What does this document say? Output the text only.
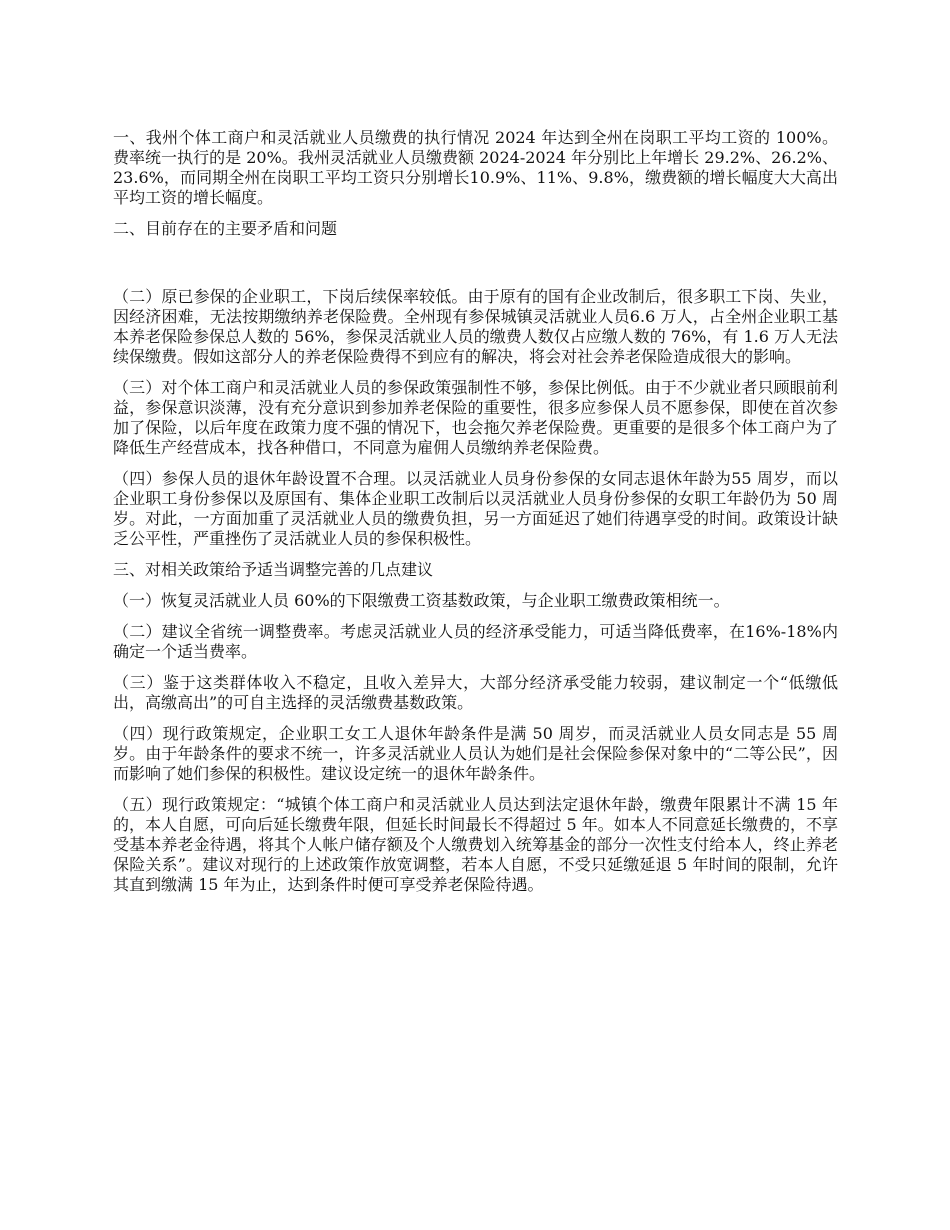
一、我州个体工商户和灵活就业人员缴费的执行情况 2024 年达到全州在岗职工平均工资的 100%。费率统一执行的是 20%。我州灵活就业人员缴费额 2024-2024 年分别比上年增长 29.2%、26.2%、23.6%，而同期全州在岗职工平均工资只分别增长10.9%、11%、9.8%，缴费额的增长幅度大大高出平均工资的增长幅度。

二、目前存在的主要矛盾和问题

（二）原已参保的企业职工，下岗后续保率较低。由于原有的国有企业改制后，很多职工下岗、失业，因经济困难，无法按期缴纳养老保险费。全州现有参保城镇灵活就业人员6.6 万人，占全州企业职工基本养老保险参保总人数的 56%，参保灵活就业人员的缴费人数仅占应缴人数的 76%，有 1.6 万人无法续保缴费。假如这部分人的养老保险费得不到应有的解决，将会对社会养老保险造成很大的影响。

（三）对个体工商户和灵活就业人员的参保政策强制性不够，参保比例低。由于不少就业者只顾眼前利益，参保意识淡薄，没有充分意识到参加养老保险的重要性，很多应参保人员不愿参保，即使在首次参加了保险，以后年度在政策力度不强的情况下，也会拖欠养老保险费。更重要的是很多个体工商户为了降低生产经营成本，找各种借口，不同意为雇佣人员缴纳养老保险费。

（四）参保人员的退休年龄设置不合理。以灵活就业人员身份参保的女同志退休年龄为55 周岁，而以企业职工身份参保以及原国有、集体企业职工改制后以灵活就业人员身份参保的女职工年龄仍为 50 周岁。对此，一方面加重了灵活就业人员的缴费负担，另一方面延迟了她们待遇享受的时间。政策设计缺乏公平性，严重挫伤了灵活就业人员的参保积极性。

三、对相关政策给予适当调整完善的几点建议

（一）恢复灵活就业人员 60%的下限缴费工资基数政策，与企业职工缴费政策相统一。

（二）建议全省统一调整费率。考虑灵活就业人员的经济承受能力，可适当降低费率，在16%-18%内确定一个适当费率。

（三）鉴于这类群体收入不稳定，且收入差异大，大部分经济承受能力较弱，建议制定一个“低缴低出，高缴高出”的可自主选择的灵活缴费基数政策。

（四）现行政策规定，企业职工女工人退休年龄条件是满 50 周岁，而灵活就业人员女同志是 55 周岁。由于年龄条件的要求不统一，许多灵活就业人员认为她们是社会保险参保对象中的“二等公民”，因而影响了她们参保的积极性。建议设定统一的退休年龄条件。

（五）现行政策规定：“城镇个体工商户和灵活就业人员达到法定退休年龄，缴费年限累计不满 15 年的，本人自愿，可向后延长缴费年限，但延长时间最长不得超过 5 年。如本人不同意延长缴费的，不享受基本养老金待遇，将其个人帐户储存额及个人缴费划入统筹基金的部分一次性支付给本人，终止养老保险关系”。建议对现行的上述政策作放宽调整，若本人自愿，不受只延缴延退 5 年时间的限制，允许其直到缴满 15 年为止，达到条件时便可享受养老保险待遇。
